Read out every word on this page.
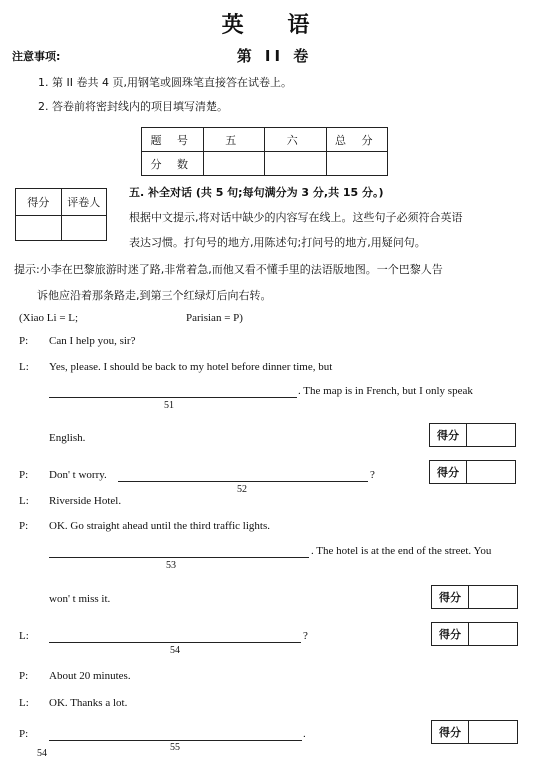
英 语
第 II 卷
注意事项:
1. 第 II 卷共 4 页,用钢笔或圆珠笔直接答在试卷上。
2. 答卷前将密封线内的项目填写清楚。
题 号	五	六	总 分
分 数			
得分	评卷人

五. 补全对话 (共 5 句;每句满分为 3 分,共 15 分。)
根据中文提示,将对话中缺少的内容写在线上。这些句子必须符合英语
表达习惯。打句号的地方,用陈述句;打问号的地方,用疑问句。
提示:小李在巴黎旅游时迷了路,非常着急,而他又看不懂手里的法语版地图。一个巴黎人告
诉他应沿着那条路走,到第三个红绿灯后向右转。
(Xiao Li = L;	Parisian = P)
P: Can I help you, sir?
L: Yes, please. I should be back to my hotel before dinner time, but
. The map is in French, but I only speak
51
English.	得分
P: Don' t worry.	?
52
得分
L: Riverside Hotel.
P: OK. Go straight ahead until the third traffic lights.
. The hotel is at the end of the street. You
53
won' t miss it.	得分
L:	?
54
得分
P: About 20 minutes.
L: OK. Thanks a lot.
P:	.
55
得分
54
